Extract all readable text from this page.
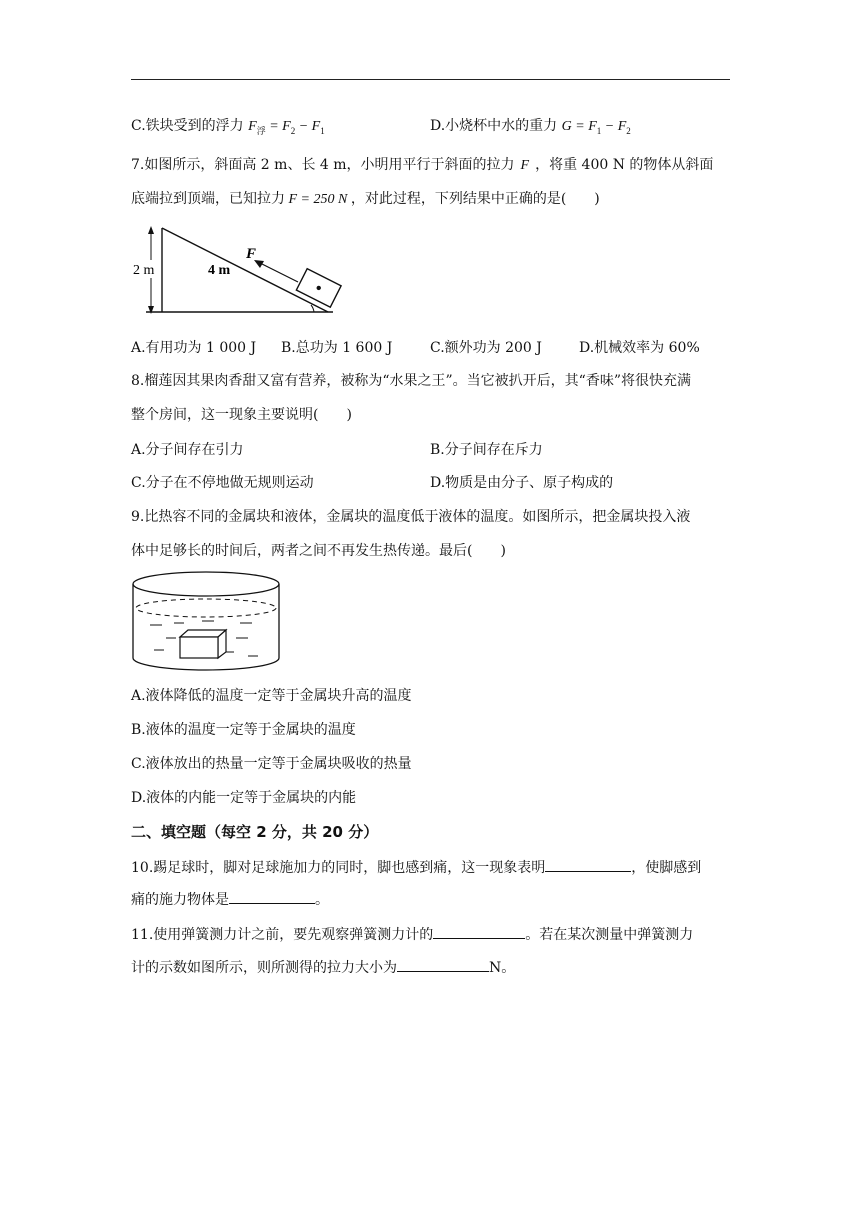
C.铁块受到的浮力 $F_浮 = F_2 - F_1$	D.小烧杯中水的重力 $G = F_1 - F_2$
7.如图所示，斜面高 2 m、长 4 m，小明用平行于斜面的拉力 F ，将重 400 N 的物体从斜面
底端拉到顶端，已知拉力 F = 250 N ，对此过程，下列结果中正确的是(　　)
2 m	4 m
F
A.有用功为 1 000 J B.总功为 1 600 J	C.额外功为 200 J	D.机械效率为 60%
8.榴莲因其果肉香甜又富有营养，被称为“水果之王”。当它被扒开后，其“香味”将很快充满
整个房间，这一现象主要说明(　　)
A.分子间存在引力	B.分子间存在斥力
C.分子在不停地做无规则运动	D.物质是由分子、原子构成的
9.比热容不同的金属块和液体，金属块的温度低于液体的温度。如图所示，把金属块投入液
体中足够长的时间后，两者之间不再发生热传递。最后(　　)
A.液体降低的温度一定等于金属块升高的温度
B.液体的温度一定等于金属块的温度
C.液体放出的热量一定等于金属块吸收的热量
D.液体的内能一定等于金属块的内能
二、填空题（每空 2 分，共 20 分）
10.踢足球时，脚对足球施加力的同时，脚也感到痛，这一现象表明	，使脚感到
痛的施力物体是	。
11.使用弹簧测力计之前，要先观察弹簧测力计的	。若在某次测量中弹簧测力
计的示数如图所示，则所测得的拉力大小为	N。
